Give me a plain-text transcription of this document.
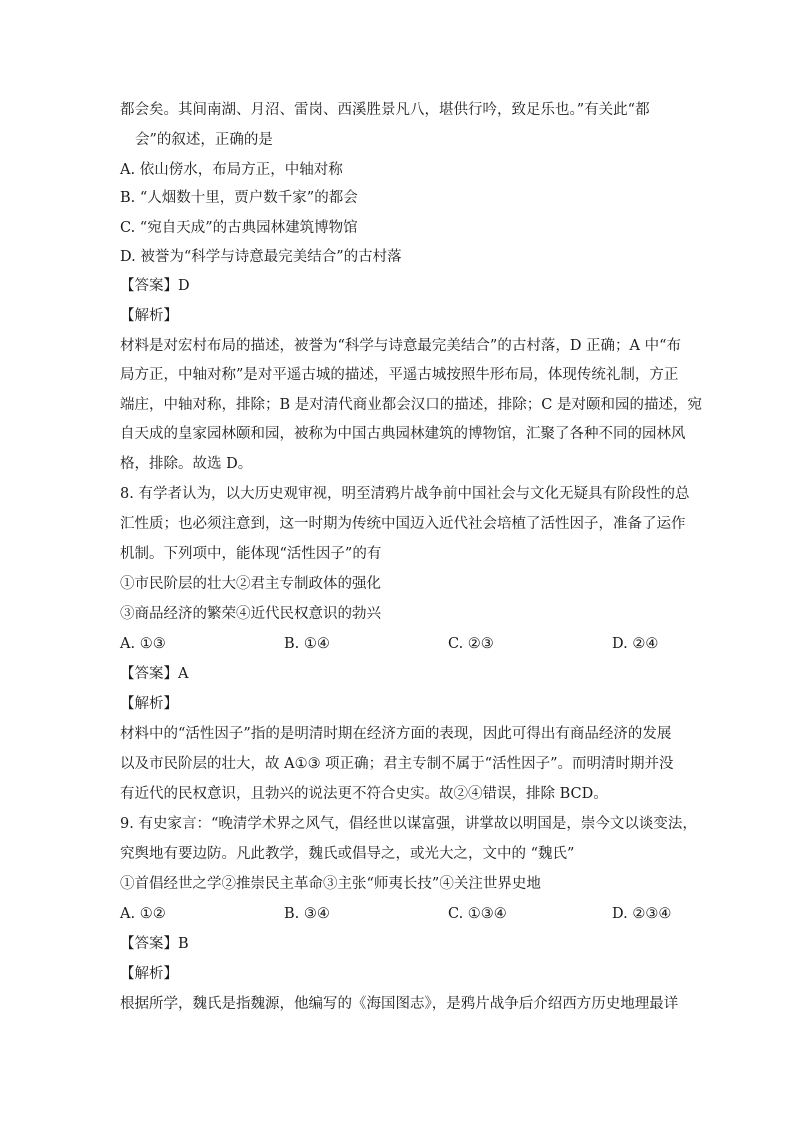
都会矣。其间南湖、月沼、雷岗、西溪胜景凡八，堪供行吟，致足乐也。”有关此“都
会”的叙述，正确的是
A. 依山傍水，布局方正，中轴对称
B. “人烟数十里，贾户数千家”的都会
C. “宛自天成”的古典园林建筑博物馆
D. 被誉为“科学与诗意最完美结合”的古村落
【答案】D
【解析】
材料是对宏村布局的描述，被誉为“科学与诗意最完美结合”的古村落，D 正确；A 中“布
局方正，中轴对称”是对平遥古城的描述，平遥古城按照牛形布局，体现传统礼制，方正
端庄，中轴对称，排除；B 是对清代商业都会汉口的描述，排除；C 是对颐和园的描述，宛
自天成的皇家园林颐和园，被称为中国古典园林建筑的博物馆，汇聚了各种不同的园林风
格，排除。故选 D。
8. 有学者认为，以大历史观审视，明至清鸦片战争前中国社会与文化无疑具有阶段性的总
汇性质；也必须注意到，这一时期为传统中国迈入近代社会培植了活性因子，准备了运作
机制。下列项中，能体现“活性因子”的有
①市民阶层的壮大②君主专制政体的强化
③商品经济的繁荣④近代民权意识的勃兴
A. ①③	B. ①④	C. ②③	D. ②④
【答案】A
【解析】
材料中的“活性因子”指的是明清时期在经济方面的表现，因此可得出有商品经济的发展
以及市民阶层的壮大，故 A①③ 项正确；君主专制不属于“活性因子”。而明清时期并没
有近代的民权意识，且勃兴的说法更不符合史实。故②④错误，排除 BCD。
9. 有史家言：“晚清学术界之风气，倡经世以谋富强，讲掌故以明国是，崇今文以谈变法，
究舆地有要边防。凡此教学，魏氏或倡导之，或光大之，文中的 “魏氏”
①首倡经世之学②推崇民主革命③主张“师夷长技”④关注世界史地
A. ①②	B. ③④	C. ①③④	D. ②③④
【答案】B
【解析】
根据所学，魏氏是指魏源，他编写的《海国图志》，是鸦片战争后介绍西方历史地理最详
